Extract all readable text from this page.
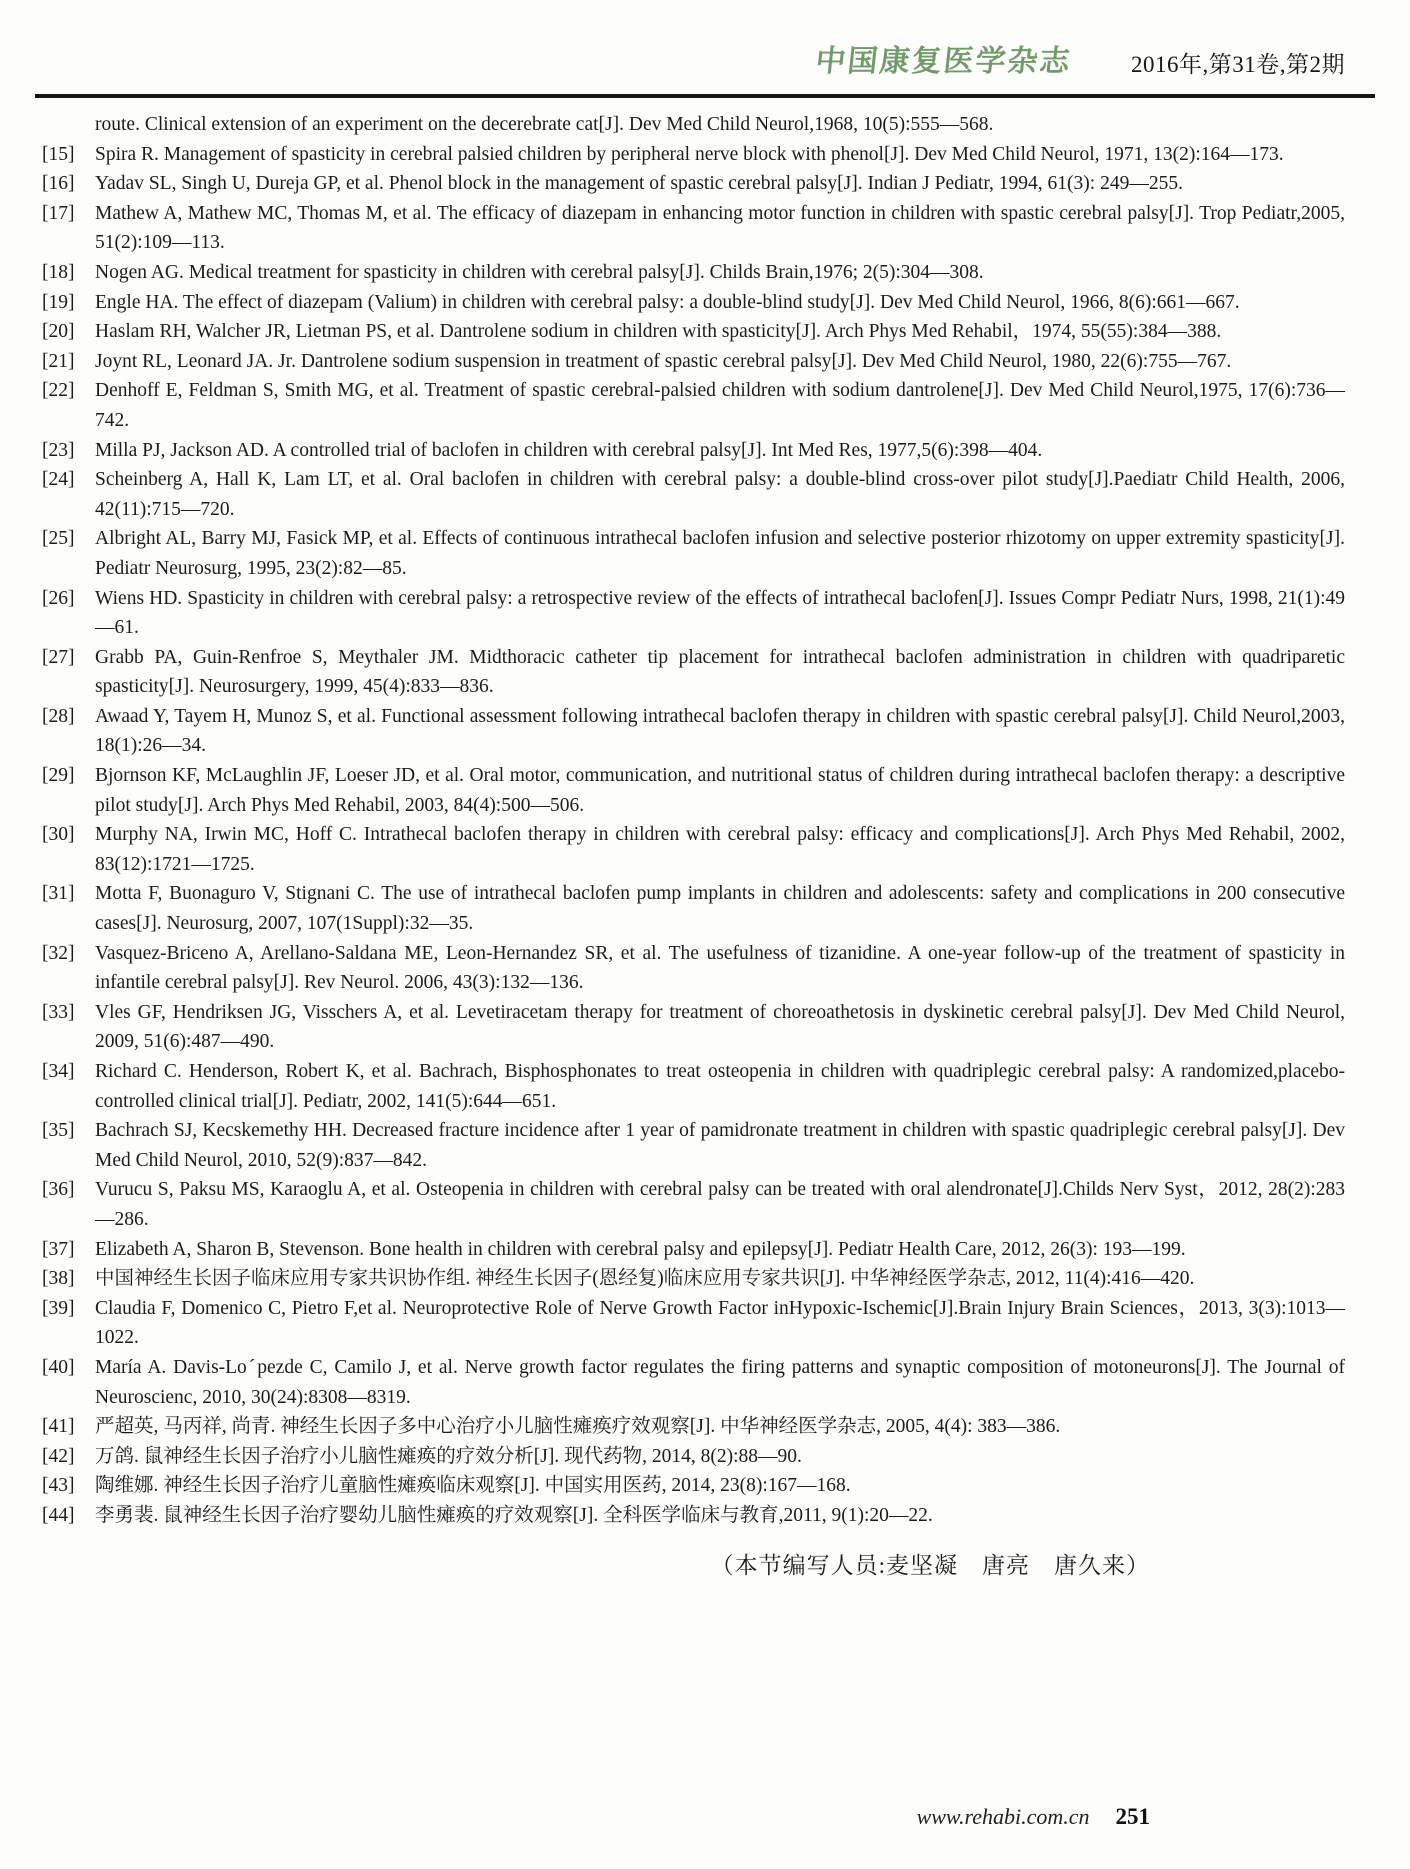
中国康复医学杂志	2016年,第31卷,第2期
route. Clinical extension of an experiment on the decerebrate cat[J]. Dev Med Child Neurol,1968, 10(5):555—568.
[15] Spira R. Management of spasticity in cerebral palsied children by peripheral nerve block with phenol[J]. Dev Med Child Neurol, 1971, 13(2):164—173.
[16] Yadav SL, Singh U, Dureja GP, et al. Phenol block in the management of spastic cerebral palsy[J]. Indian J Pediatr, 1994, 61(3): 249—255.
[17] Mathew A, Mathew MC, Thomas M, et al. The efficacy of diazepam in enhancing motor function in children with spastic cerebral palsy[J]. Trop Pediatr,2005, 51(2):109—113.
[18] Nogen AG. Medical treatment for spasticity in children with cerebral palsy[J]. Childs Brain,1976; 2(5):304—308.
[19] Engle HA. The effect of diazepam (Valium) in children with cerebral palsy: a double-blind study[J]. Dev Med Child Neurol, 1966, 8(6):661—667.
[20] Haslam RH, Walcher JR, Lietman PS, et al. Dantrolene sodium in children with spasticity[J]. Arch Phys Med Rehabil，1974, 55(55):384—388.
[21] Joynt RL, Leonard JA. Jr. Dantrolene sodium suspension in treatment of spastic cerebral palsy[J]. Dev Med Child Neurol, 1980, 22(6):755—767.
[22] Denhoff E, Feldman S, Smith MG, et al. Treatment of spastic cerebral-palsied children with sodium dantrolene[J]. Dev Med Child Neurol,1975, 17(6):736—742.
[23] Milla PJ, Jackson AD. A controlled trial of baclofen in children with cerebral palsy[J]. Int Med Res, 1977,5(6):398—404.
[24] Scheinberg A, Hall K, Lam LT, et al. Oral baclofen in children with cerebral palsy: a double-blind cross-over pilot study[J].Paediatr Child Health, 2006, 42(11):715—720.
[25] Albright AL, Barry MJ, Fasick MP, et al. Effects of continuous intrathecal baclofen infusion and selective posterior rhizotomy on upper extremity spasticity[J]. Pediatr Neurosurg, 1995, 23(2):82—85.
[26] Wiens HD. Spasticity in children with cerebral palsy: a retrospective review of the effects of intrathecal baclofen[J]. Issues Compr Pediatr Nurs, 1998, 21(1):49—61.
[27] Grabb PA, Guin-Renfroe S, Meythaler JM. Midthoracic catheter tip placement for intrathecal baclofen administration in children with quadriparetic spasticity[J]. Neurosurgery, 1999, 45(4):833—836.
[28] Awaad Y, Tayem H, Munoz S, et al. Functional assessment following intrathecal baclofen therapy in children with spastic cerebral palsy[J]. Child Neurol,2003, 18(1):26—34.
[29] Bjornson KF, McLaughlin JF, Loeser JD, et al. Oral motor, communication, and nutritional status of children during intrathecal baclofen therapy: a descriptive pilot study[J]. Arch Phys Med Rehabil, 2003, 84(4):500—506.
[30] Murphy NA, Irwin MC, Hoff C. Intrathecal baclofen therapy in children with cerebral palsy: efficacy and complications[J]. Arch Phys Med Rehabil, 2002, 83(12):1721—1725.
[31] Motta F, Buonaguro V, Stignani C. The use of intrathecal baclofen pump implants in children and adolescents: safety and complications in 200 consecutive cases[J]. Neurosurg, 2007, 107(1Suppl):32—35.
[32] Vasquez-Briceno A, Arellano-Saldana ME, Leon-Hernandez SR, et al. The usefulness of tizanidine. A one-year follow-up of the treatment of spasticity in infantile cerebral palsy[J]. Rev Neurol. 2006, 43(3):132—136.
[33] Vles GF, Hendriksen JG, Visschers A, et al. Levetiracetam therapy for treatment of choreoathetosis in dyskinetic cerebral palsy[J]. Dev Med Child Neurol, 2009, 51(6):487—490.
[34] Richard C. Henderson, Robert K, et al. Bachrach, Bisphosphonates to treat osteopenia in children with quadriplegic cerebral palsy: A randomized,placebo-controlled clinical trial[J]. Pediatr, 2002, 141(5):644—651.
[35] Bachrach SJ, Kecskemethy HH. Decreased fracture incidence after 1 year of pamidronate treatment in children with spastic quadriplegic cerebral palsy[J]. Dev Med Child Neurol, 2010, 52(9):837—842.
[36] Vurucu S, Paksu MS, Karaoglu A, et al. Osteopenia in children with cerebral palsy can be treated with oral alendronate[J].Childs Nerv Syst，2012, 28(2):283—286.
[37] Elizabeth A, Sharon B, Stevenson. Bone health in children with cerebral palsy and epilepsy[J]. Pediatr Health Care, 2012, 26(3): 193—199.
[38] 中国神经生长因子临床应用专家共识协作组. 神经生长因子(恩经复)临床应用专家共识[J]. 中华神经医学杂志, 2012, 11(4):416—420.
[39] Claudia F, Domenico C, Pietro F,et al. Neuroprotective Role of Nerve Growth Factor inHypoxic-Ischemic[J].Brain Injury Brain Sciences，2013, 3(3):1013—1022.
[40] María A. Davis-Loˊpezde C, Camilo J, et al. Nerve growth factor regulates the firing patterns and synaptic composition of motoneurons[J]. The Journal of Neuroscienc, 2010, 30(24):8308—8319.
[41] 严超英, 马丙祥, 尚青. 神经生长因子多中心治疗小儿脑性瘫痪疗效观察[J]. 中华神经医学杂志, 2005, 4(4): 383—386.
[42] 万鸽. 鼠神经生长因子治疗小儿脑性瘫痪的疗效分析[J]. 现代药物, 2014, 8(2):88—90.
[43] 陶维娜. 神经生长因子治疗儿童脑性瘫痪临床观察[J]. 中国实用医药, 2014, 23(8):167—168.
[44] 李勇裴. 鼠神经生长因子治疗婴幼儿脑性瘫痪的疗效观察[J]. 全科医学临床与教育,2011, 9(1):20—22.
（本节编写人员:麦坚凝　唐亮　唐久来）
www.rehabi.com.cn 251
